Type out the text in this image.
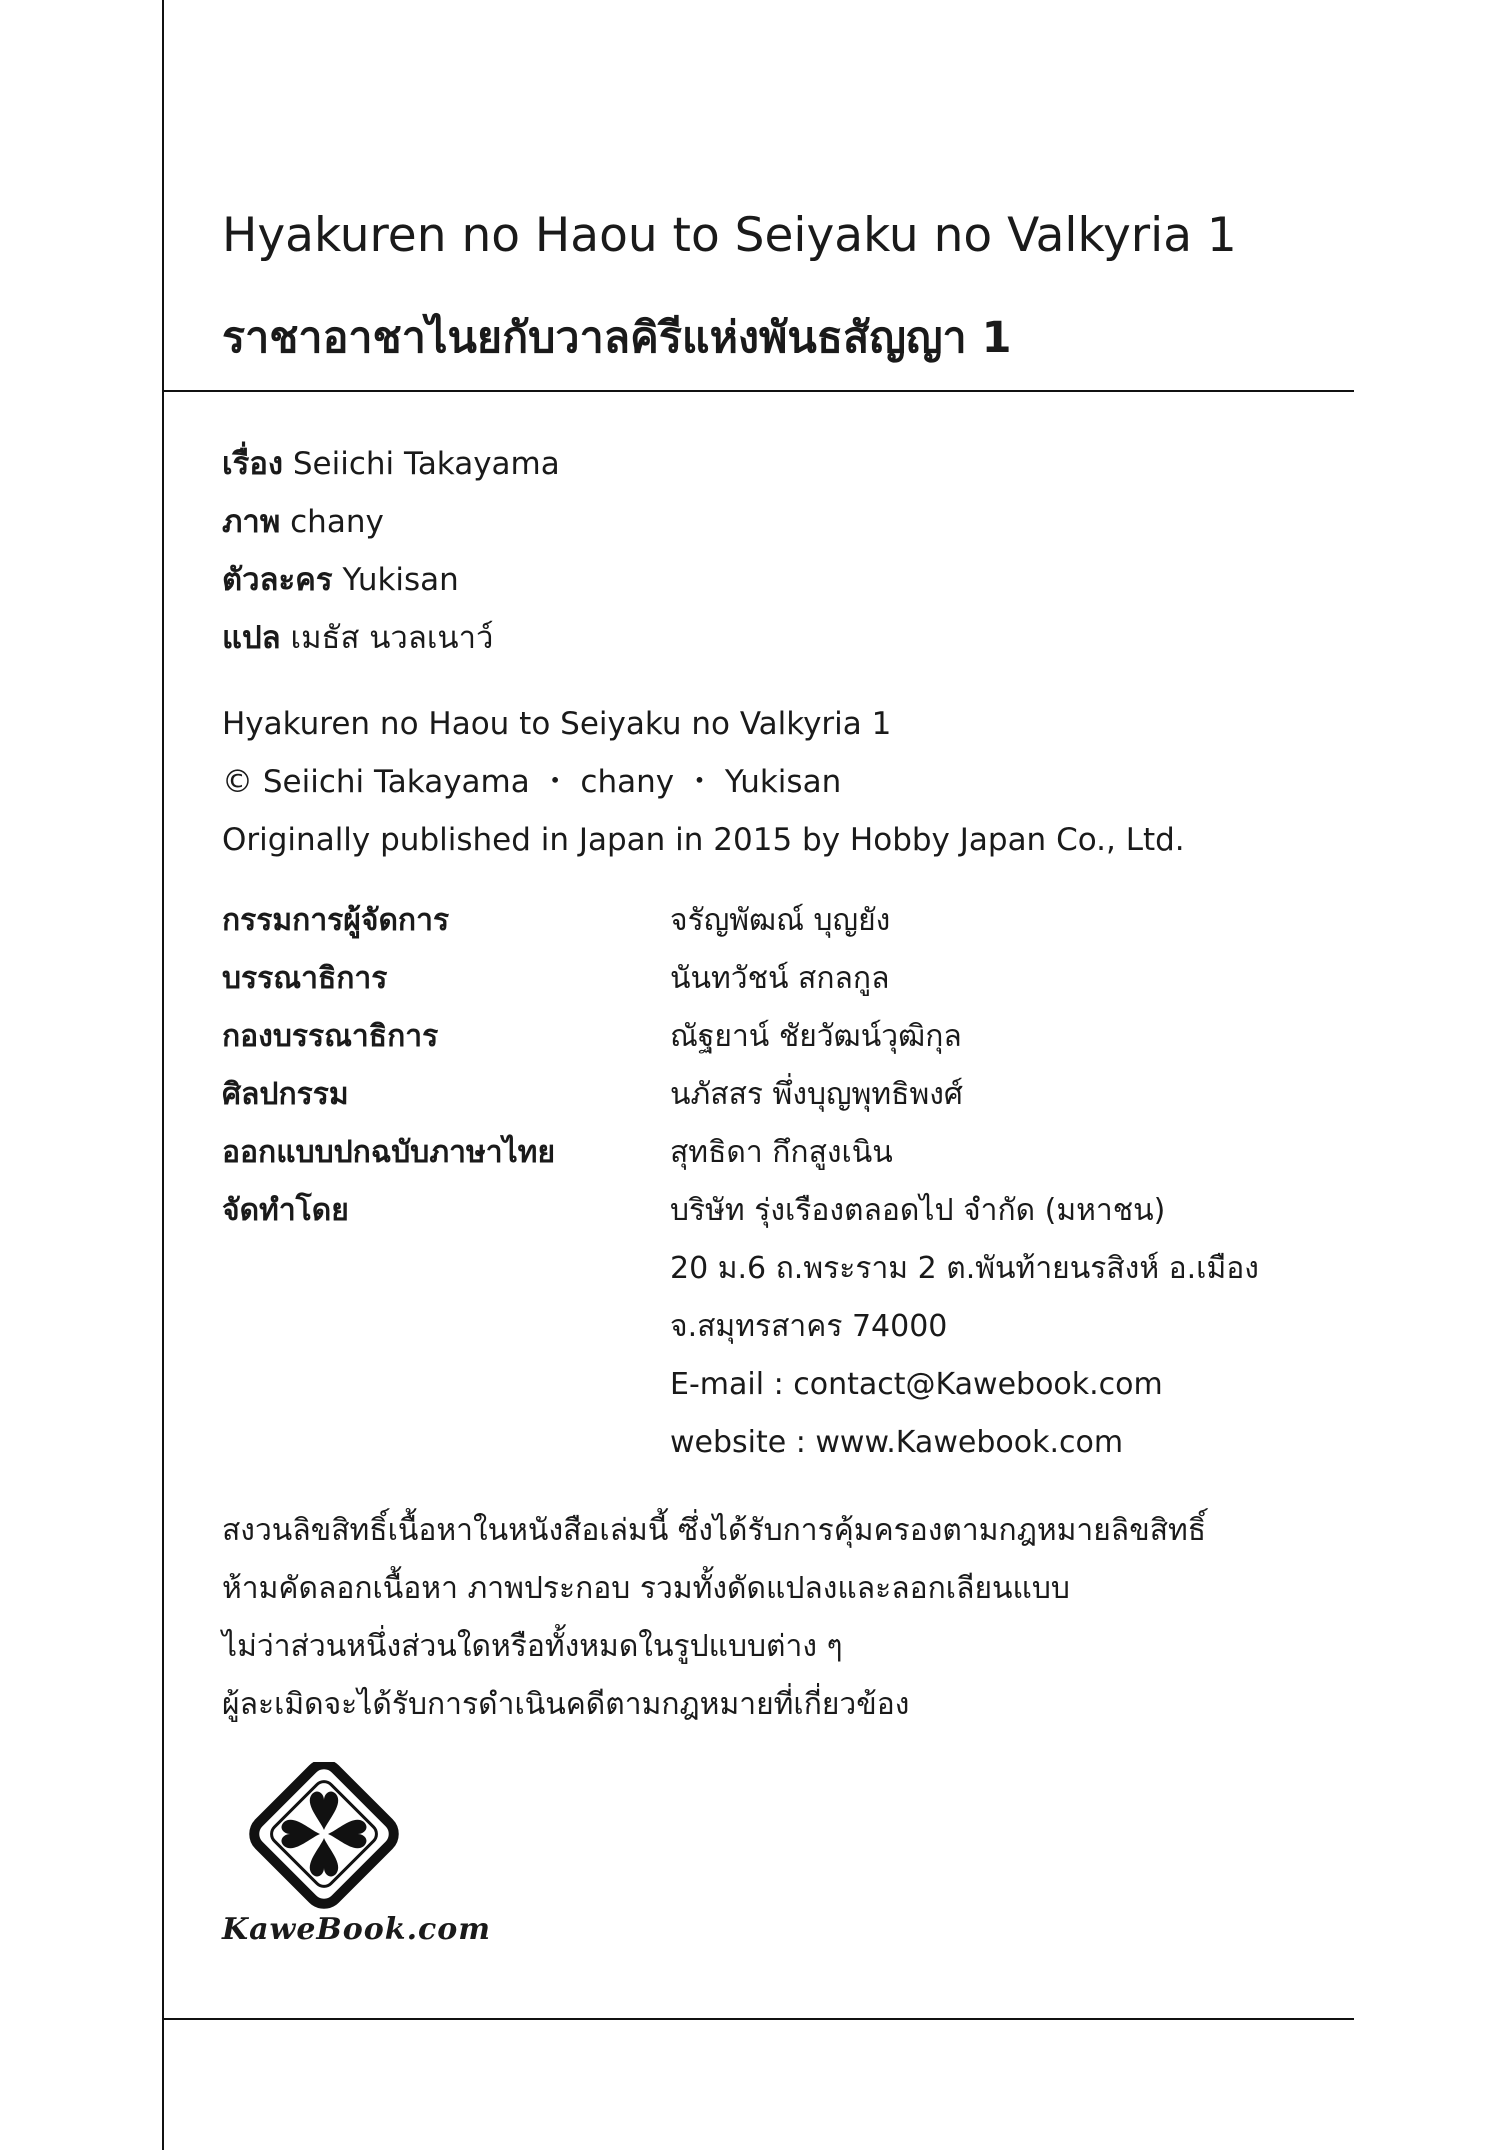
Hyakuren no Haou to Seiyaku no Valkyria 1
ราชาอาชาไนยกับวาลคิรีแห่งพันธสัญญา 1
เรื่อง Seiichi Takayama
ภาพ chany
ตัวละคร Yukisan
แปล เมธัส นวลเนาว์
Hyakuren no Haou to Seiyaku no Valkyria 1
© Seiichi Takayama ・ chany ・ Yukisan
Originally published in Japan in 2015 by Hobby Japan Co., Ltd.
กรรมการผู้จัดการ	จรัญพัฒณ์ บุญยัง
บรรณาธิการ	นันทวัชน์ สกลกูล
กองบรรณาธิการ	ณัฐยาน์ ชัยวัฒน์วุฒิกุล
ศิลปกรรม	นภัสสร พึ่งบุญพุทธิพงศ์
ออกแบบปกฉบับภาษาไทย	สุทธิดา กึกสูงเนิน
จัดทำโดย	บริษัท รุ่งเรืองตลอดไป จำกัด (มหาชน)
20 ม.6 ถ.พระราม 2 ต.พันท้ายนรสิงห์ อ.เมือง
จ.สมุทรสาคร 74000
E-mail : contact@Kawebook.com
website : www.Kawebook.com
สงวนลิขสิทธิ์เนื้อหาในหนังสือเล่มนี้ ซึ่งได้รับการคุ้มครองตามกฎหมายลิขสิทธิ์
ห้ามคัดลอกเนื้อหา ภาพประกอบ รวมทั้งดัดแปลงและลอกเลียนแบบ
ไม่ว่าส่วนหนึ่งส่วนใดหรือทั้งหมดในรูปแบบต่าง ๆ
ผู้ละเมิดจะได้รับการดำเนินคดีตามกฎหมายที่เกี่ยวข้อง
KaweBook.com
